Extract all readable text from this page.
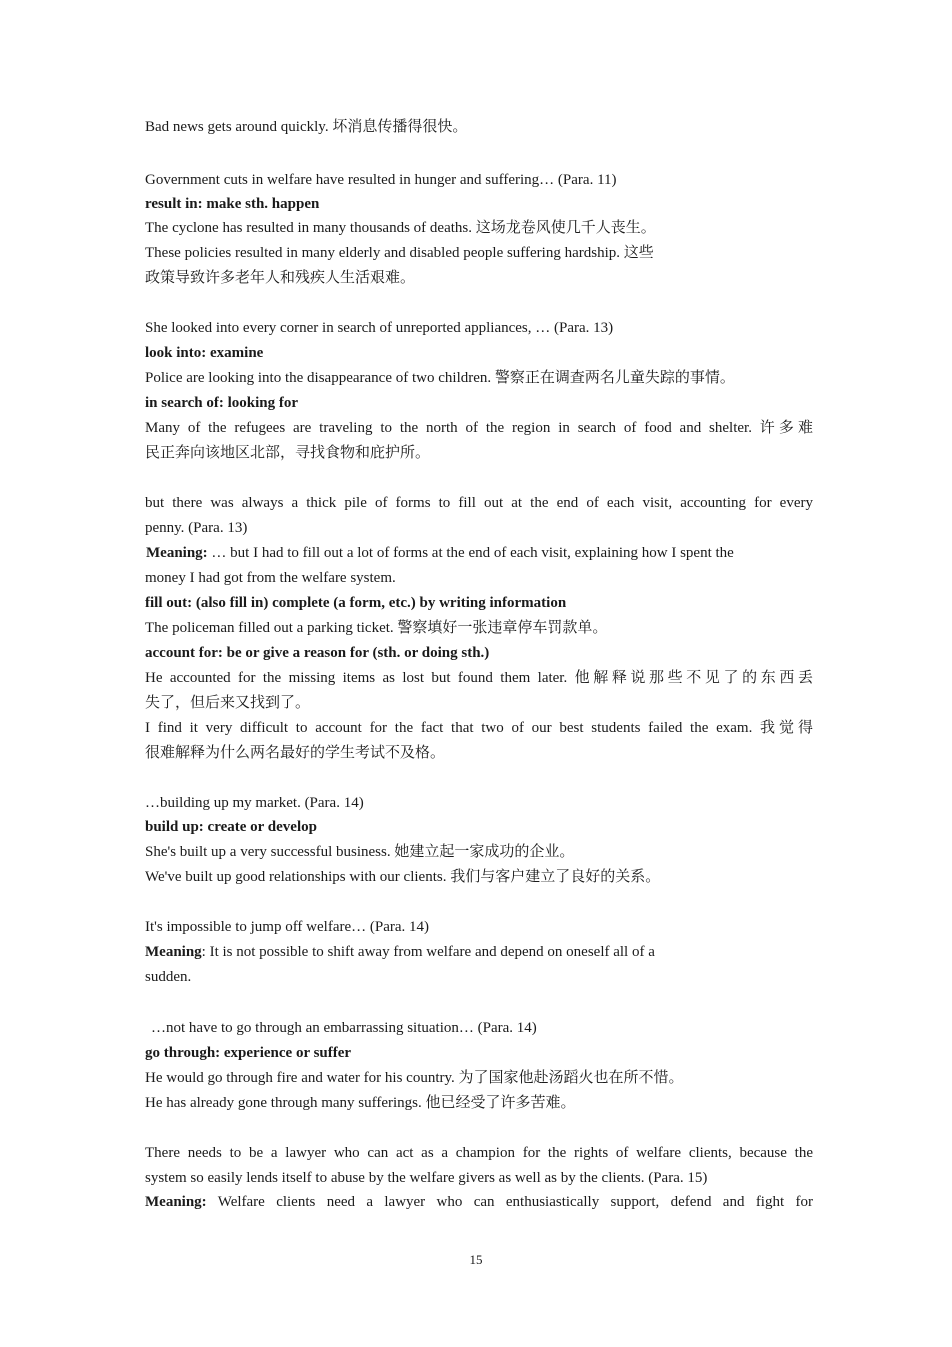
Bad news gets around quickly. 坏消息传播得很快。
Government cuts in welfare have resulted in hunger and suffering… (Para. 11)
result in: make sth. happen
The cyclone has resulted in many thousands of deaths. 这场龙卷风使几千人丧生。
These policies resulted in many elderly and disabled people suffering hardship. 这些
政策导致许多老年人和残疾人生活艰难。
She looked into every corner in search of unreported appliances, … (Para. 13)
look into: examine
Police are looking into the disappearance of two children. 警察正在调查两名儿童失踪的事情。
in search of: looking for
Many of the refugees are traveling to the north of the region in search of food and shelter. 许多难
民正奔向该地区北部，寻找食物和庇护所。
but there was always a thick pile of forms to fill out at the end of each visit, accounting for every
penny. (Para. 13)
Meaning: … but I had to fill out a lot of forms at the end of each visit, explaining how I spent the
money I had got from the welfare system.
fill out: (also fill in) complete (a form, etc.) by writing information
The policeman filled out a parking ticket. 警察填好一张违章停车罚款单。
account for: be or give a reason for (sth. or doing sth.)
He accounted for the missing items as lost but found them later. 他解释说那些不见了的东西丢
失了，但后来又找到了。
I find it very difficult to account for the fact that two of our best students failed the exam. 我觉得
很难解释为什么两名最好的学生考试不及格。
…building up my market. (Para. 14)
build up: create or develop
She's built up a very successful business. 她建立起一家成功的企业。
We've built up good relationships with our clients. 我们与客户建立了良好的关系。
It's impossible to jump off welfare… (Para. 14)
Meaning: It is not possible to shift away from welfare and depend on oneself all of a
sudden.
…not have to go through an embarrassing situation… (Para. 14)
go through: experience or suffer
He would go through fire and water for his country. 为了国家他赴汤蹈火也在所不惜。
He has already gone through many sufferings. 他已经受了许多苦难。
There needs to be a lawyer who can act as a champion for the rights of welfare clients, because the
system so easily lends itself to abuse by the welfare givers as well as by the clients. (Para. 15)
Meaning: Welfare clients need a lawyer who can enthusiastically support, defend and fight for
15
